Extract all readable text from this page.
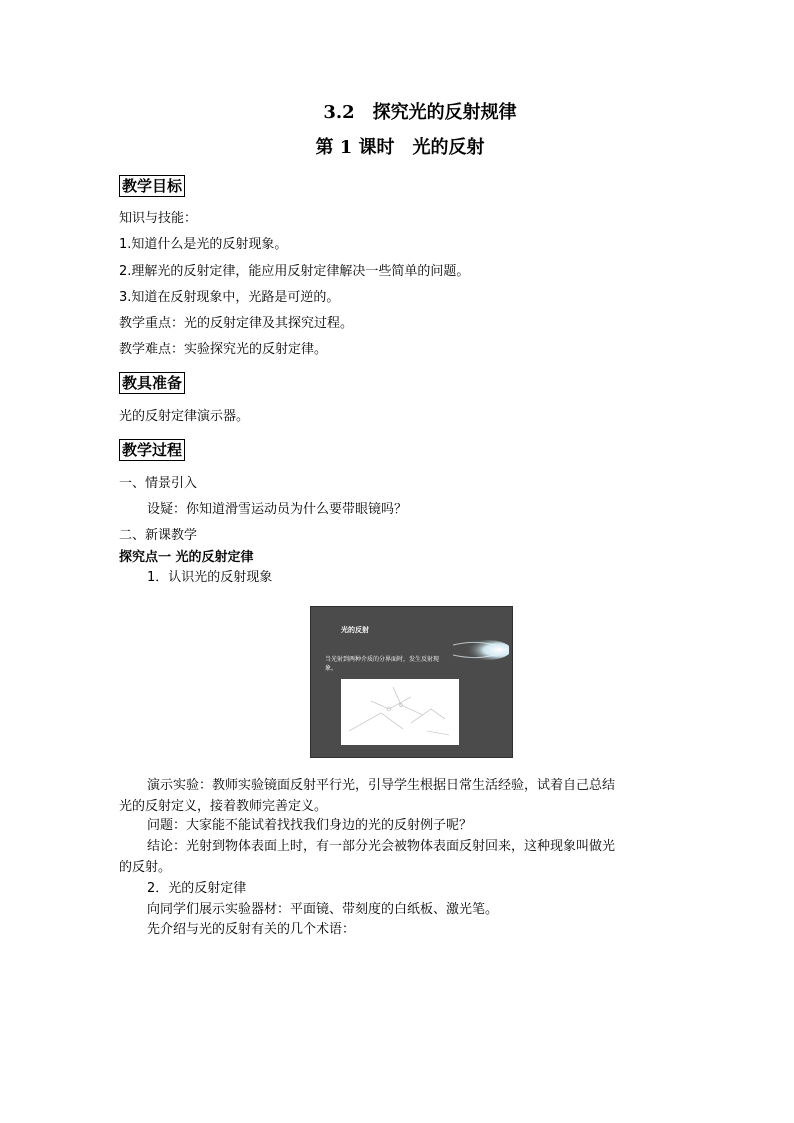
3.2　探究光的反射规律
第 1 课时　光的反射
教学目标
知识与技能：
1.知道什么是光的反射现象。
2.理解光的反射定律，能应用反射定律解决一些简单的问题。
3.知道在反射现象中，光路是可逆的。
教学重点：光的反射定律及其探究过程。
教学难点：实验探究光的反射定律。
教具准备
光的反射定律演示器。
教学过程
一、情景引入
设疑：你知道滑雪运动员为什么要带眼镜吗？
二、新课教学
探究点一 光的反射定律
1．认识光的反射现象
光的反射
当光射到两种介质的分界面时，发生反射现象。
演示实验：教师实验镜面反射平行光，引导学生根据日常生活经验，试着自己总结
光的反射定义，接着教师完善定义。
问题：大家能不能试着找找我们身边的光的反射例子呢？
结论：光射到物体表面上时，有一部分光会被物体表面反射回来，这种现象叫做光
的反射。
2．光的反射定律
向同学们展示实验器材：平面镜、带刻度的白纸板、激光笔。
先介绍与光的反射有关的几个术语：
